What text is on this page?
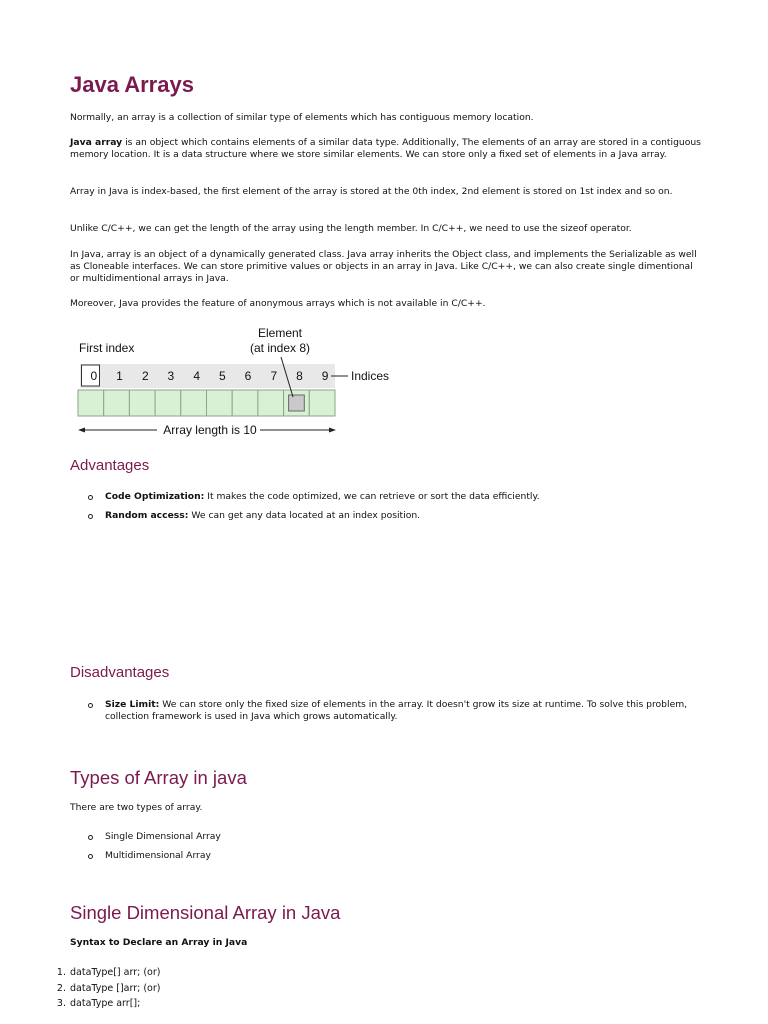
Java Arrays

Normally, an array is a collection of similar type of elements which has contiguous memory location.

Java array is an object which contains elements of a similar data type. Additionally, The elements of an array are stored in a contiguous memory location. It is a data structure where we store similar elements. We can store only a fixed set of elements in a Java array.

Array in Java is index-based, the first element of the array is stored at the 0th index, 2nd element is stored on 1st index and so on.

Unlike C/C++, we can get the length of the array using the length member. In C/C++, we need to use the sizeof operator.

In Java, array is an object of a dynamically generated class. Java array inherits the Object class, and implements the Serializable as well as Cloneable interfaces. We can store primitive values or objects in an array in Java. Like C/C++, we can also create single dimentional or multidimentional arrays in Java.

Moreover, Java provides the feature of anonymous arrays which is not available in C/C++.

Advantages
Code Optimization: It makes the code optimized, we can retrieve or sort the data efficiently.
Random access: We can get any data located at an index position.
Disadvantages
Size Limit: We can store only the fixed size of elements in the array. It doesn't grow its size at runtime. To solve this problem, collection framework is used in Java which grows automatically.
Types of Array in java

There are two types of array.

Single Dimensional Array
Multidimensional Array
Single Dimensional Array in Java

Syntax to Declare an Array in Java

1. dataType[] arr; (or)
2. dataType []arr; (or)
3. dataType arr[];
0 1 2 3 4 5 6 7 8 9
First index
Element
(at index 8)
Indices
Array length is 10
